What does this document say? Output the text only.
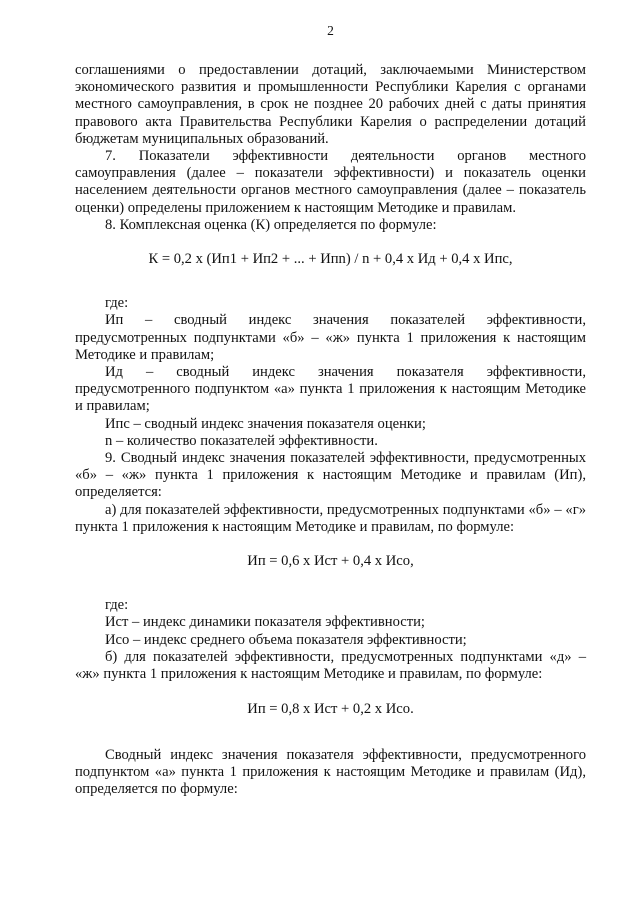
2

соглашениями о предоставлении дотаций, заключаемыми Министерством экономического развития и промышленности Республики Карелия с органами местного самоуправления, в срок не позднее 20 рабочих дней с даты принятия правового акта Правительства Республики Карелия о распределении дотаций бюджетам муниципальных образований.

7. Показатели эффективности деятельности органов местного самоуправления (далее – показатели эффективности) и показатель оценки населением деятельности органов местного самоуправления (далее – показатель оценки) определены приложением к настоящим Методике и правилам.

8. Комплексная оценка (К) определяется по формуле:

К = 0,2 х (Ип1 + Ип2 + ... + Ипn) / n + 0,4 х Ид + 0,4 х Ипс,

где:

Ип – сводный индекс значения показателей эффективности, предусмотренных подпунктами «б» – «ж» пункта 1 приложения к настоящим Методике и правилам;

Ид – сводный индекс значения показателя эффективности, предусмотренного подпунктом «а» пункта 1 приложения к настоящим Методике и правилам;

Ипс – сводный индекс значения показателя оценки;

n – количество показателей эффективности.

9. Сводный индекс значения показателей эффективности, предусмотренных «б» – «ж» пункта 1 приложения к настоящим Методике и правилам (Ип), определяется:

а) для показателей эффективности, предусмотренных подпунктами «б» – «г» пункта 1 приложения к настоящим Методике и правилам, по формуле:

Ип = 0,6 х Ист + 0,4 х Исо,

где:

Ист – индекс динамики показателя эффективности;

Исо – индекс среднего объема показателя эффективности;

б) для показателей эффективности, предусмотренных подпунктами «д» – «ж» пункта 1 приложения к настоящим Методике и правилам, по формуле:

Ип = 0,8 х Ист + 0,2 х Исо.

Сводный индекс значения показателя эффективности, предусмотренного подпунктом «а» пункта 1 приложения к настоящим Методике и правилам (Ид), определяется по формуле:
